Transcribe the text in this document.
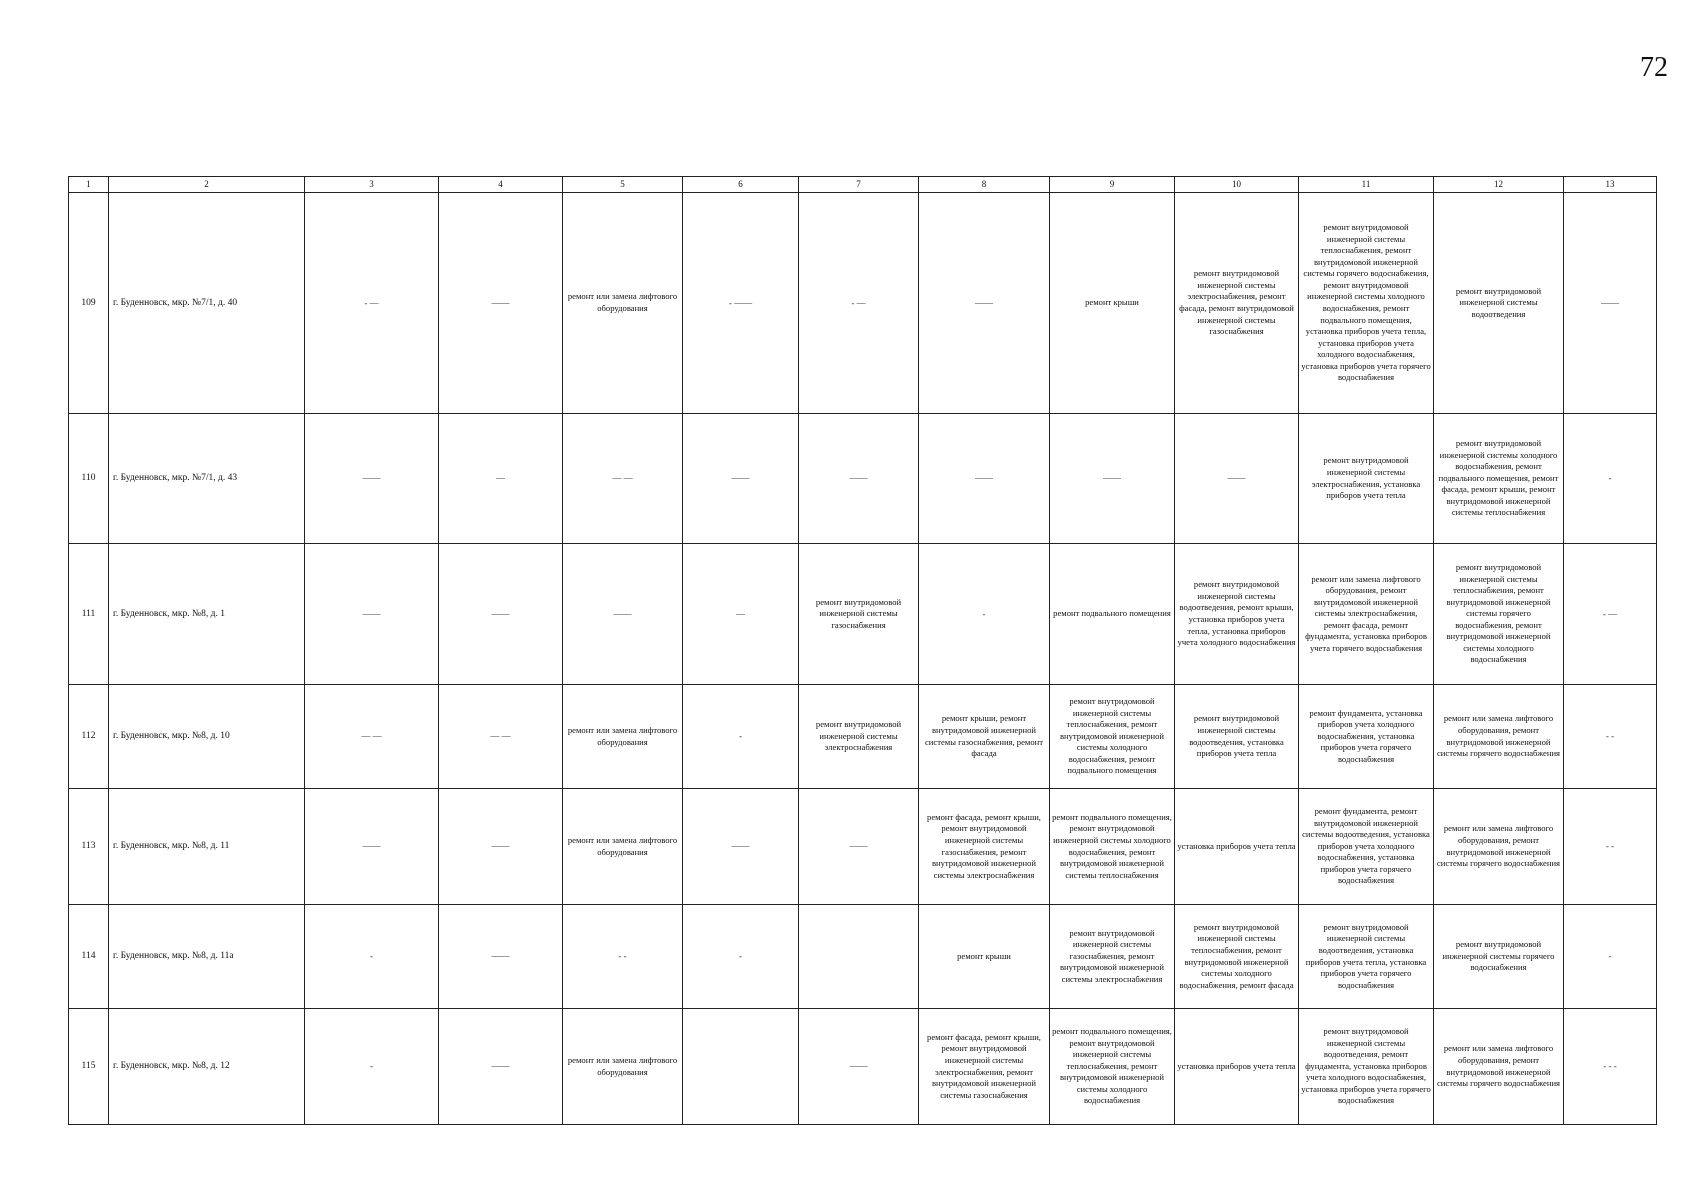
72
1	2	3	4	5	6	7	8	9	10	11	12	13
109	г. Буденновск, мкр. №7/1, д. 40	- —	——	ремонт или замена лифтового оборудования	- ——	- —	——	ремонт крыши	ремонт внутридомовой инженерной системы электроснабжения, ремонт фасада, ремонт внутридомовой инженерной системы газоснабжения	ремонт внутридомовой инженерной системы теплоснабжения, ремонт внутридомовой инженерной системы горячего водоснабжения, ремонт внутридомовой инженерной системы холодного водоснабжения, ремонт подвального помещения, установка приборов учета тепла, установка приборов учета холодного водоснабжения, установка приборов учета горячего водоснабжения	ремонт внутридомовой инженерной системы водоотведения	——
110	г. Буденновск, мкр. №7/1, д. 43	——	—	— —	——	——	——	——	——	ремонт внутридомовой инженерной системы электроснабжения, установка приборов учета тепла	ремонт внутридомовой инженерной системы холодного водоснабжения, ремонт подвального помещения, ремонт фасада, ремонт крыши, ремонт внутридомовой инженерной системы теплоснабжения	-
111	г. Буденновск, мкр. №8, д. 1	——	——	——	—	ремонт внутридомовой инженерной системы газоснабжения	-	ремонт подвального помещения	ремонт внутридомовой инженерной системы водоотведения, ремонт крыши, установка приборов учета тепла, установка приборов учета холодного водоснабжения	ремонт или замена лифтового оборудования, ремонт внутридомовой инженерной системы электроснабжения, ремонт фасада, ремонт фундамента, установка приборов учета горячего водоснабжения	ремонт внутридомовой инженерной системы теплоснабжения, ремонт внутридомовой инженерной системы горячего водоснабжения, ремонт внутридомовой инженерной системы холодного водоснабжения	- —
112	г. Буденновск, мкр. №8, д. 10	— —	— —	ремонт или замена лифтового оборудования	-	ремонт внутридомовой инженерной системы электроснабжения	ремонт крыши, ремонт внутридомовой инженерной системы газоснабжения, ремонт фасада	ремонт внутридомовой инженерной системы теплоснабжения, ремонт внутридомовой инженерной системы холодного водоснабжения, ремонт подвального помещения	ремонт внутридомовой инженерной системы водоотведения, установка приборов учета тепла	ремонт фундамента, установка приборов учета холодного водоснабжения, установка приборов учета горячего водоснабжения	ремонт или замена лифтового оборудования, ремонт внутридомовой инженерной системы горячего водоснабжения	- -
113	г. Буденновск, мкр. №8, д. 11	——	——	ремонт или замена лифтового оборудования	——	——	ремонт фасада, ремонт крыши, ремонт внутридомовой инженерной системы газоснабжения, ремонт внутридомовой инженерной системы электроснабжения	ремонт подвального помещения, ремонт внутридомовой инженерной системы холодного водоснабжения, ремонт внутридомовой инженерной системы теплоснабжения	установка приборов учета тепла	ремонт фундамента, ремонт внутридомовой инженерной системы водоотведения, установка приборов учета холодного водоснабжения, установка приборов учета горячего водоснабжения	ремонт или замена лифтового оборудования, ремонт внутридомовой инженерной системы горячего водоснабжения	- -
114	г. Буденновск, мкр. №8, д. 11а	-	——	- -	-		ремонт крыши	ремонт внутридомовой инженерной системы газоснабжения, ремонт внутридомовой инженерной системы электроснабжения	ремонт внутридомовой инженерной системы теплоснабжения, ремонт внутридомовой инженерной системы холодного водоснабжения, ремонт фасада	ремонт внутридомовой инженерной системы водоотведения, установка приборов учета тепла, установка приборов учета горячего водоснабжения	ремонт внутридомовой инженерной системы горячего водоснабжения	-
115	г. Буденновск, мкр. №8, д. 12	-	——	ремонт или замена лифтового оборудования		——	ремонт фасада, ремонт крыши, ремонт внутридомовой инженерной системы электроснабжения, ремонт внутридомовой инженерной системы газоснабжения	ремонт подвального помещения, ремонт внутридомовой инженерной системы теплоснабжения, ремонт внутридомовой инженерной системы холодного водоснабжения	установка приборов учета тепла	ремонт внутридомовой инженерной системы водоотведения, ремонт фундамента, установка приборов учета холодного водоснабжения, установка приборов учета горячего водоснабжения	ремонт или замена лифтового оборудования, ремонт внутридомовой инженерной системы горячего водоснабжения	- - -
